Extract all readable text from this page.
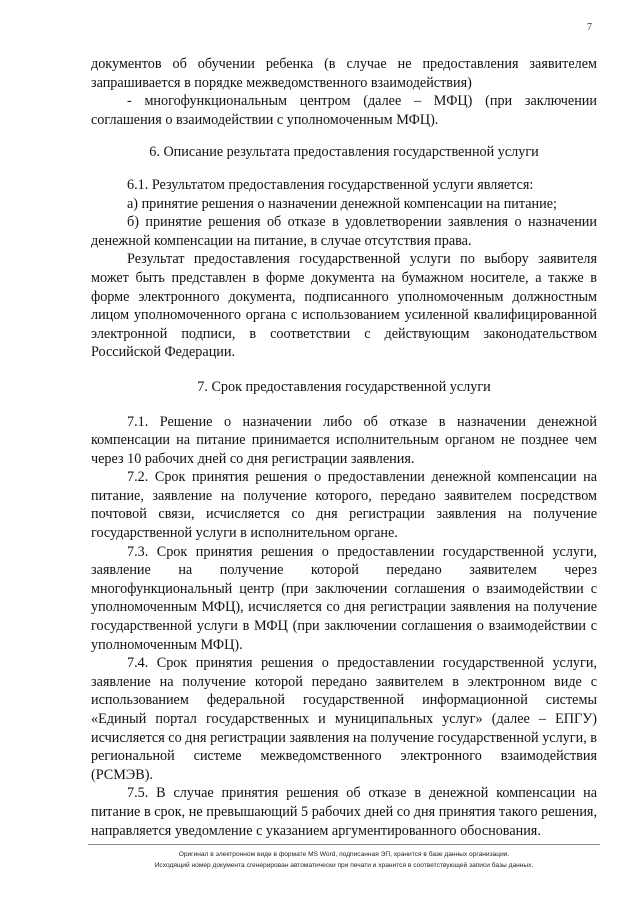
7

документов об обучении ребенка (в случае не предоставления заявителем запрашивается в порядке межведомственного взаимодействия)

- многофункциональным центром (далее – МФЦ) (при заключении соглашения о взаимодействии с уполномоченным МФЦ).

6. Описание результата предоставления государственной услуги

6.1. Результатом предоставления государственной услуги является:

а) принятие решения о назначении денежной компенсации на питание;

б) принятие решения об отказе в удовлетворении заявления о назначении денежной компенсации на питание, в случае отсутствия права.

Результат предоставления государственной услуги по выбору заявителя может быть представлен в форме документа на бумажном носителе, а также в форме электронного документа, подписанного уполномоченным должностным лицом уполномоченного органа с использованием усиленной квалифицированной электронной подписи, в соответствии с действующим законодательством Российской Федерации.

7. Срок предоставления государственной услуги

7.1. Решение о назначении либо об отказе в назначении денежной компенсации на питание принимается исполнительным органом не позднее чем через 10 рабочих дней со дня регистрации заявления.

7.2. Срок принятия решения о предоставлении денежной компенсации на питание, заявление на получение которого, передано заявителем посредством почтовой связи, исчисляется со дня регистрации заявления на получение государственной услуги в исполнительном органе.

7.3. Срок принятия решения о предоставлении государственной услуги, заявление на получение которой передано заявителем через многофункциональный центр (при заключении соглашения о взаимодействии с уполномоченным МФЦ), исчисляется со дня регистрации заявления на получение государственной услуги в МФЦ (при заключении соглашения о взаимодействии с уполномоченным МФЦ).

7.4. Срок принятия решения о предоставлении государственной услуги, заявление на получение которой передано заявителем в электронном виде с использованием федеральной государственной информационной системы «Единый портал государственных и муниципальных услуг» (далее – ЕПГУ) исчисляется со дня регистрации заявления на получение государственной услуги, в региональной системе межведомственного электронного взаимодействия (РСМЭВ).

7.5. В случае принятия решения об отказе в денежной компенсации на питание в срок, не превышающий 5 рабочих дней со дня принятия такого решения, направляется уведомление с указанием аргументированного обоснования.

Оригинал в электронном виде в формате MS Word, подписанная ЭП, хранится в базе данных организации.
Исходящий номер документа сгенерирован автоматически при печати и хранится в соответствующей записи базы данных.
